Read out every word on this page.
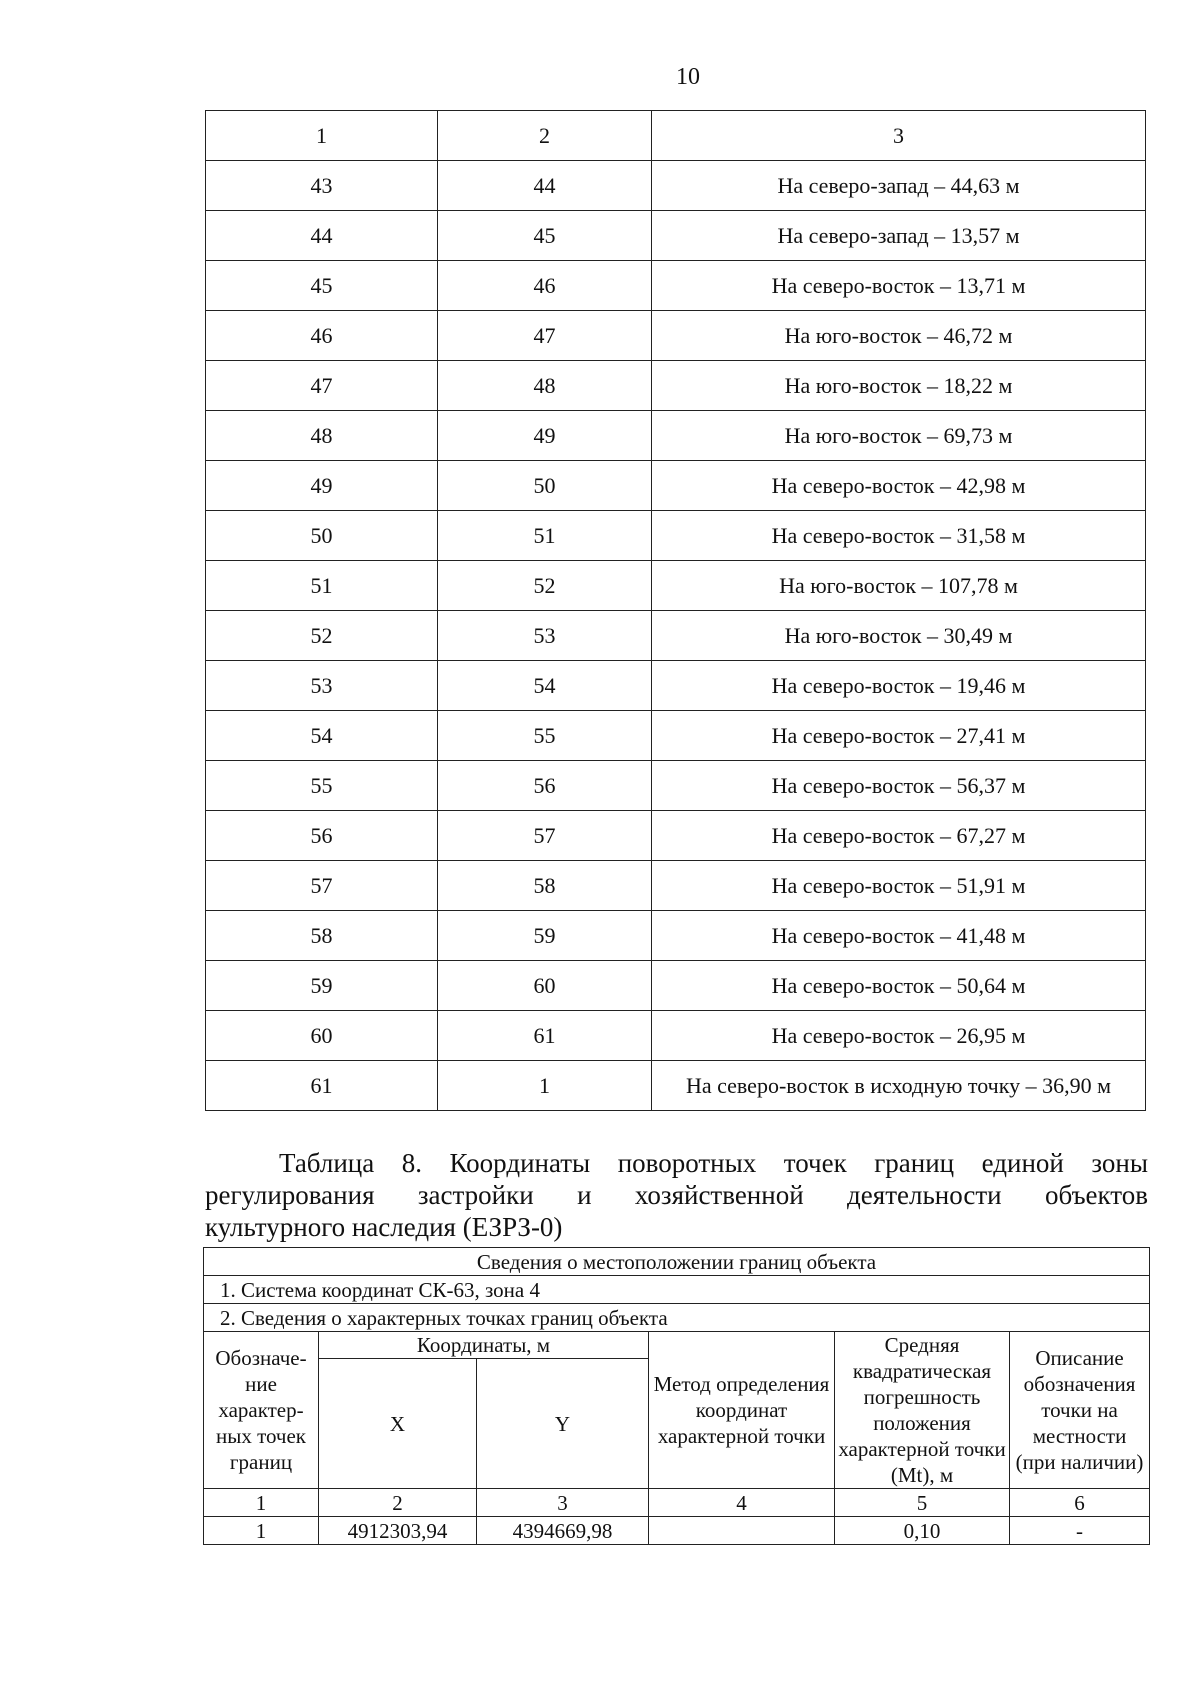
10
1	2	3
43	44	На северо-запад – 44,63 м
44	45	На северо-запад – 13,57 м
45	46	На северо-восток – 13,71 м
46	47	На юго-восток – 46,72 м
47	48	На юго-восток – 18,22 м
48	49	На юго-восток – 69,73 м
49	50	На северо-восток – 42,98 м
50	51	На северо-восток – 31,58 м
51	52	На юго-восток – 107,78 м
52	53	На юго-восток – 30,49 м
53	54	На северо-восток – 19,46 м
54	55	На северо-восток – 27,41 м
55	56	На северо-восток – 56,37 м
56	57	На северо-восток – 67,27 м
57	58	На северо-восток – 51,91 м
58	59	На северо-восток – 41,48 м
59	60	На северо-восток – 50,64 м
60	61	На северо-восток – 26,95 м
61	1	На северо-восток в исходную точку – 36,90 м
Таблица 8. Координаты поворотных точек границ единой зоны
регулирования застройки и хозяйственной деятельности объектов
культурного наследия (ЕЗРЗ-0)
Сведения о местоположении границ объекта					
1. Система координат СК-63, зона 4					
2. Сведения о характерных точках границ объекта					
Обозначе-ние характер-ных точек границ	Координаты, м		Метод определения координат характерной точки	Средняя квадратическая погрешность положения характерной точки (Mt), м	Описание обозначения точки на местности (при наличии)
	X	Y			
1	2	3	4	5	6
1	4912303,94	4394669,98		0,10	-
